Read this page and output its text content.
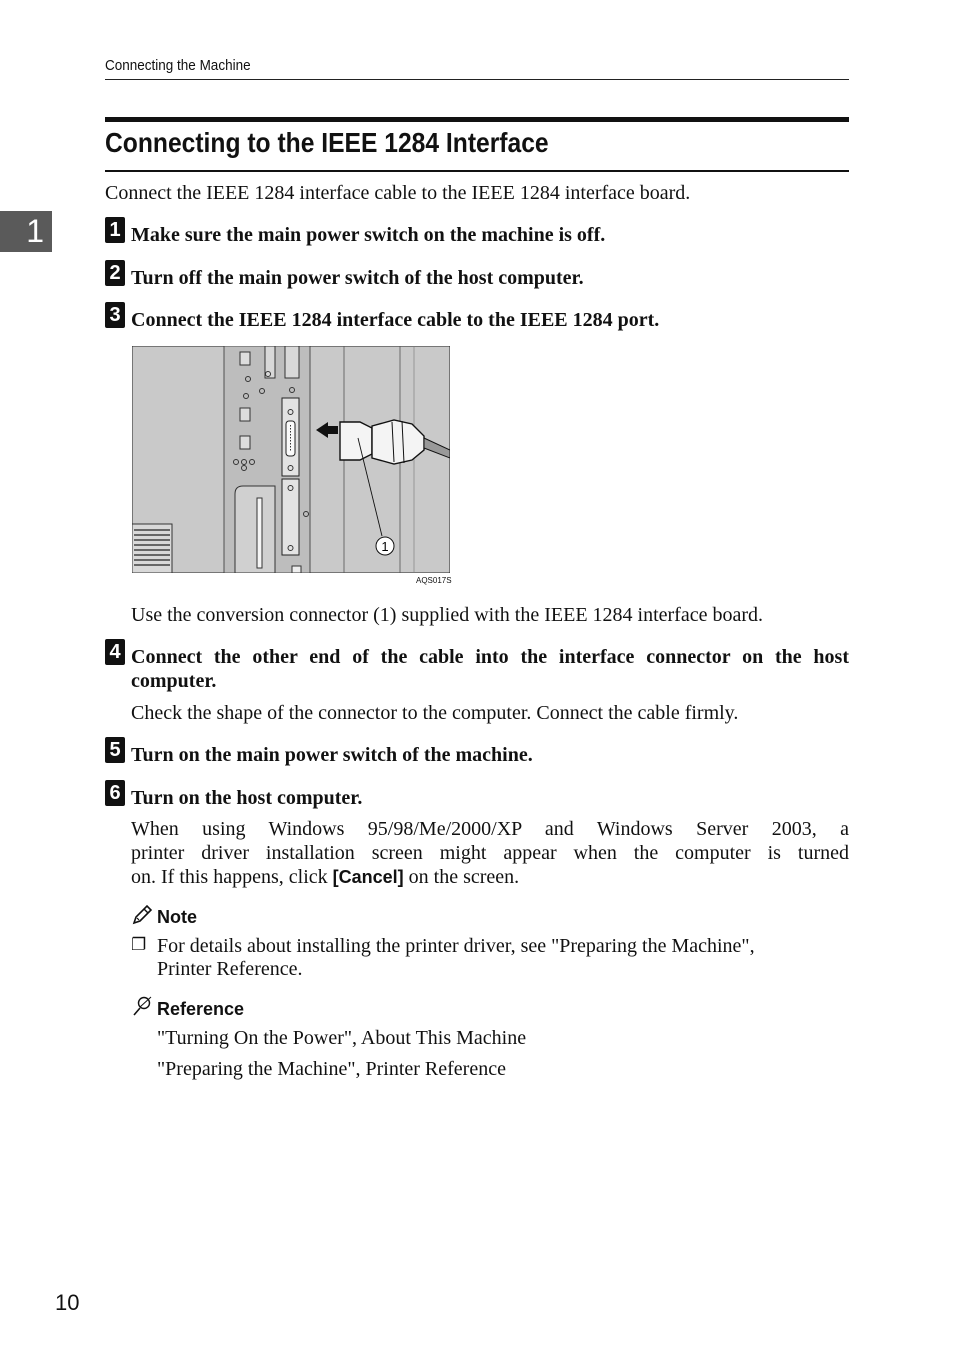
Connecting the Machine
Connecting to the IEEE 1284 Interface
1
Connect the IEEE 1284 interface cable to the IEEE 1284 interface board.
1 Make sure the main power switch on the machine is off.
2 Turn off the main power switch of the host computer.
3 Connect the IEEE 1284 interface cable to the IEEE 1284 port.
1
AQS017S
Use the conversion connector (1) supplied with the IEEE 1284 interface board.
4 Connect the other end of the cable into the interface connector on the host
computer.
Check the shape of the connector to the computer. Connect the cable firmly.
5 Turn on the main power switch of the machine.
6 Turn on the host computer.
When using Windows 95/98/Me/2000/XP and Windows Server 2003, a
printer driver installation screen might appear when the computer is turned
on. If this happens, click [Cancel] on the screen.
Note
❐ For details about installing the printer driver, see "Preparing the Machine",
Printer Reference.
Reference
"Turning On the Power", About This Machine
"Preparing the Machine", Printer Reference
10
